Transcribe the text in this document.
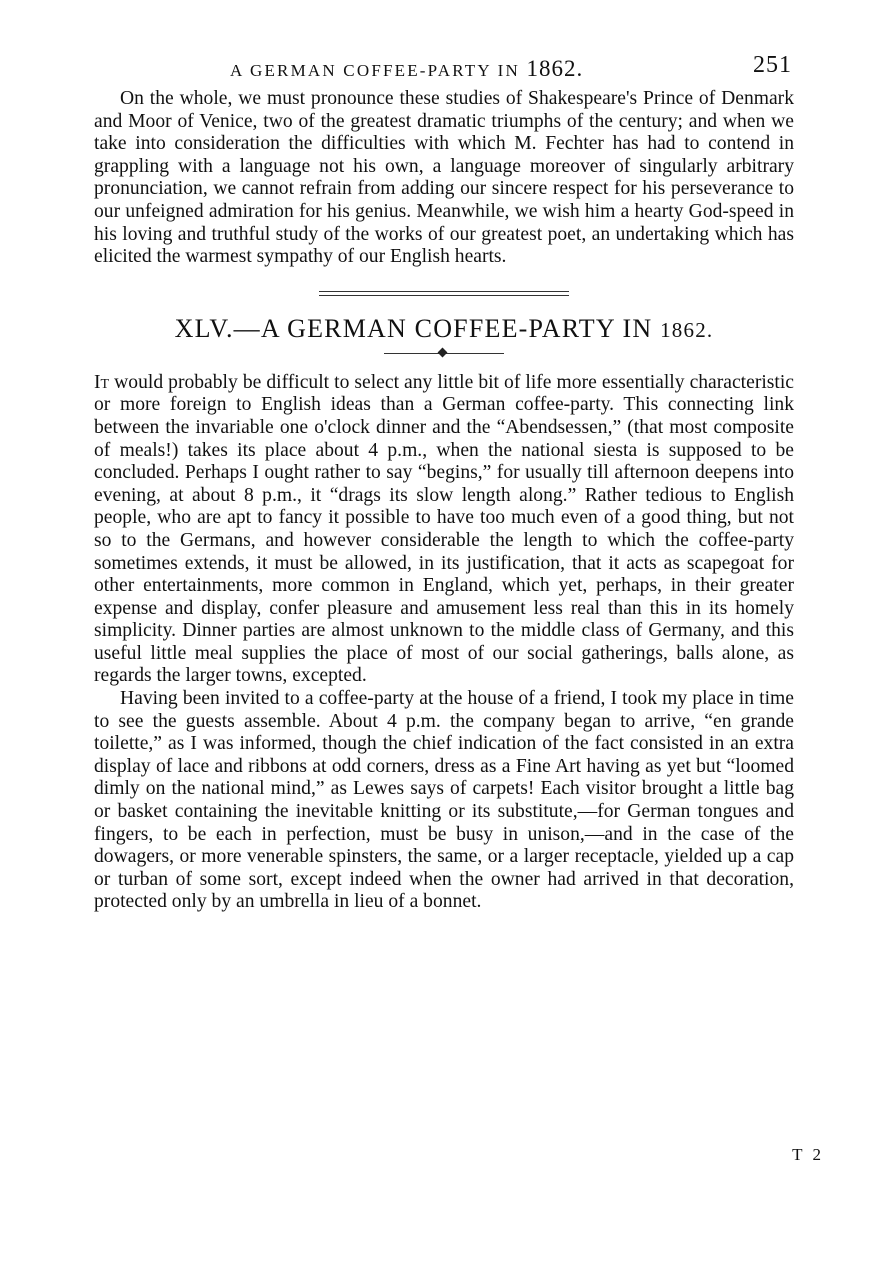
A GERMAN COFFEE-PARTY IN 1862.	251

On the whole, we must pronounce these studies of Shakespeare's Prince of Denmark and Moor of Venice, two of the greatest dramatic triumphs of the century; and when we take into consideration the difficulties with which M. Fechter has had to contend in grappling with a language not his own, a language moreover of singularly arbitrary pronunciation, we cannot refrain from adding our sincere respect for his perseverance to our unfeigned admiration for his genius. Meanwhile, we wish him a hearty God-speed in his loving and truthful study of the works of our greatest poet, an undertaking which has elicited the warmest sympathy of our English hearts.

XLV.—A GERMAN COFFEE-PARTY IN 1862.

It would probably be difficult to select any little bit of life more essentially characteristic or more foreign to English ideas than a German coffee-party. This connecting link between the invariable one o'clock dinner and the “Abendsessen,” (that most composite of meals!) takes its place about 4 p.m., when the national siesta is supposed to be concluded. Perhaps I ought rather to say “begins,” for usually till afternoon deepens into evening, at about 8 p.m., it “drags its slow length along.” Rather tedious to English people, who are apt to fancy it possible to have too much even of a good thing, but not so to the Germans, and however considerable the length to which the coffee-party sometimes extends, it must be allowed, in its justification, that it acts as scapegoat for other entertainments, more common in England, which yet, perhaps, in their greater expense and display, confer pleasure and amusement less real than this in its homely simplicity. Dinner parties are almost unknown to the middle class of Germany, and this useful little meal supplies the place of most of our social gatherings, balls alone, as regards the larger towns, excepted.

Having been invited to a coffee-party at the house of a friend, I took my place in time to see the guests assemble. About 4 p.m. the company began to arrive, “en grande toilette,” as I was informed, though the chief indication of the fact consisted in an extra display of lace and ribbons at odd corners, dress as a Fine Art having as yet but “loomed dimly on the national mind,” as Lewes says of carpets! Each visitor brought a little bag or basket containing the inevitable knitting or its substitute,—for German tongues and fingers, to be each in perfection, must be busy in unison,—and in the case of the dowagers, or more venerable spinsters, the same, or a larger receptacle, yielded up a cap or turban of some sort, except indeed when the owner had arrived in that decoration, protected only by an umbrella in lieu of a bonnet.

T 2
